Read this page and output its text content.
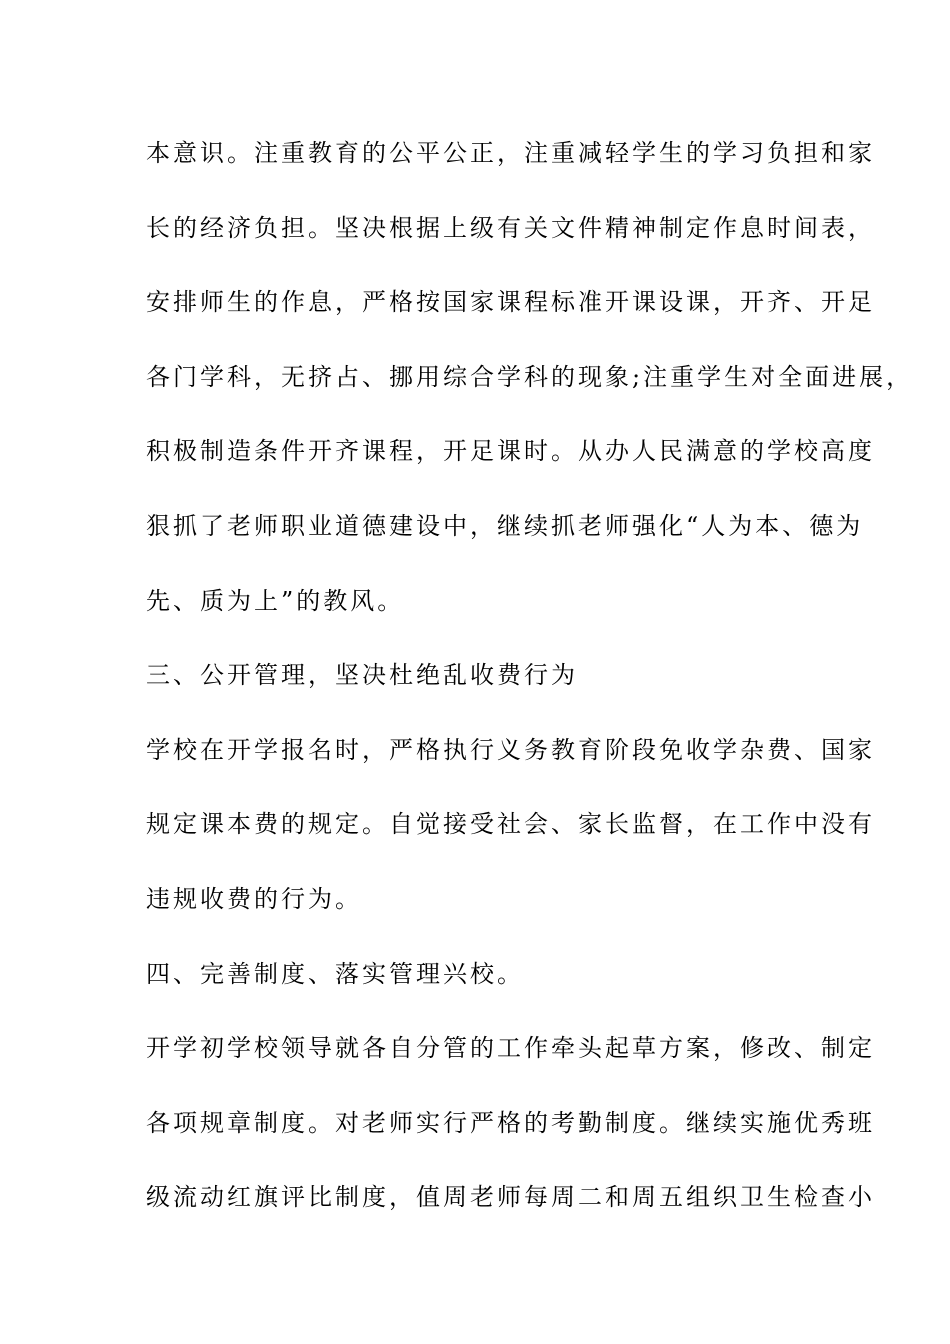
本意识。注重教育的公平公正，注重减轻学生的学习负担和家
长的经济负担。坚决根据上级有关文件精神制定作息时间表，
安排师生的作息，严格按国家课程标准开课设课，开齐、开足
各门学科，无挤占、挪用综合学科的现象;注重学生对全面进展，
积极制造条件开齐课程，开足课时。从办人民满意的学校高度
狠抓了老师职业道德建设中，继续抓老师强化“人为本、德为
先、质为上”的教风。
三、公开管理，坚决杜绝乱收费行为
学校在开学报名时，严格执行义务教育阶段免收学杂费、国家
规定课本费的规定。自觉接受社会、家长监督，在工作中没有
违规收费的行为。
四、完善制度、落实管理兴校。
开学初学校领导就各自分管的工作牵头起草方案，修改、制定
各项规章制度。对老师实行严格的考勤制度。继续实施优秀班
级流动红旗评比制度，值周老师每周二和周五组织卫生检查小
